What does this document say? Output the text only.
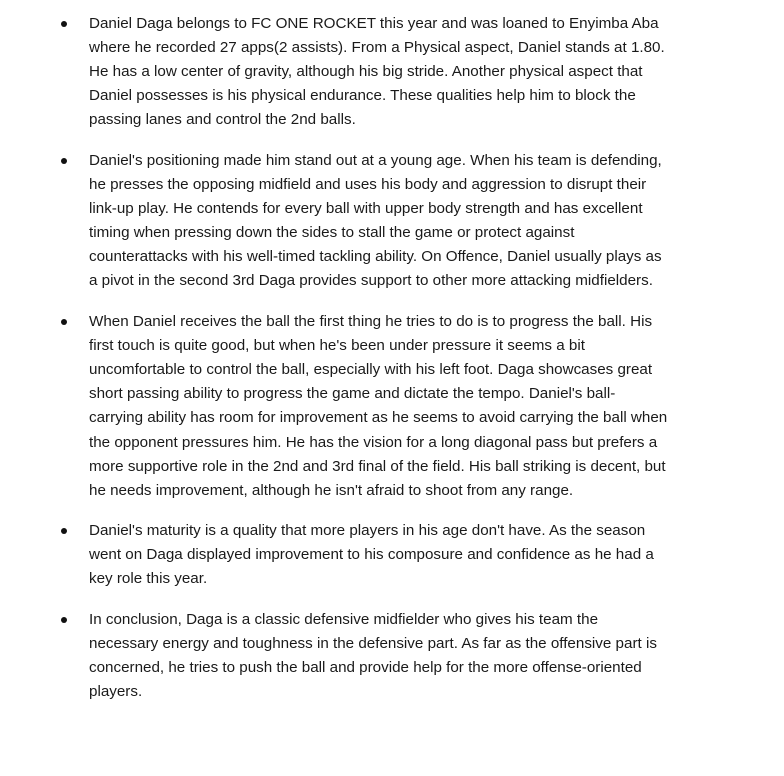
Daniel Daga belongs to FC ONE ROCKET this year and was loaned to Enyimba Aba where he recorded 27 apps(2 assists). From a Physical aspect, Daniel stands at 1.80. He has a low center of gravity, although his big stride. Another physical aspect that Daniel possesses is his physical endurance. These qualities help him to block the passing lanes and control the 2nd balls.
Daniel's positioning made him stand out at a young age. When his team is defending, he presses the opposing midfield and uses his body and aggression to disrupt their link-up play. He contends for every ball with upper body strength and has excellent timing when pressing down the sides to stall the game or protect against counterattacks with his well-timed tackling ability. On Offence, Daniel usually plays as a pivot in the second 3rd Daga provides support to other more attacking midfielders.
When Daniel receives the ball the first thing he tries to do is to progress the ball. His first touch is quite good, but when he's been under pressure it seems a bit uncomfortable to control the ball, especially with his left foot. Daga showcases great short passing ability to progress the game and dictate the tempo. Daniel's ball-carrying ability has room for improvement as he seems to avoid carrying the ball when the opponent pressures him. He has the vision for a long diagonal pass but prefers a more supportive role in the 2nd and 3rd final of the field. His ball striking is decent, but he needs improvement, although he isn't afraid to shoot from any range.
Daniel's maturity is a quality that more players in his age don't have. As the season went on Daga displayed improvement to his composure and confidence as he had a key role this year.
In conclusion, Daga is a classic defensive midfielder who gives his team the necessary energy and toughness in the defensive part. As far as the offensive part is concerned, he tries to push the ball and provide help for the more offense-oriented players.
